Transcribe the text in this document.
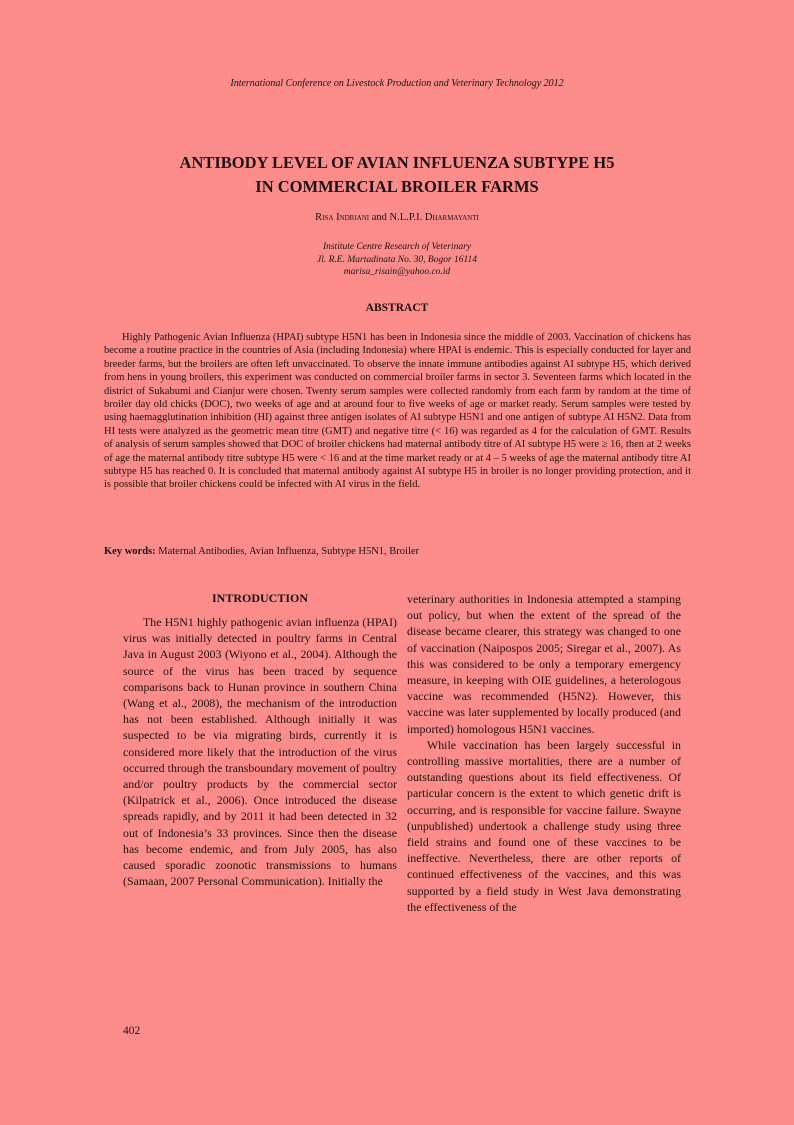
International Conference on Livestock Production and Veterinary Technology 2012
ANTIBODY LEVEL OF AVIAN INFLUENZA SUBTYPE H5
IN COMMERCIAL BROILER FARMS
Risa Indriani and N.L.P.I. Dharmayanti
Institute Centre Research of Veterinary
Jl. R.E. Martadinata No. 30, Bogor 16114
marisa_risain@yahoo.co.id
ABSTRACT

Highly Pathogenic Avian Influenza (HPAI) subtype H5N1 has been in Indonesia since the middle of 2003. Vaccination of chickens has become a routine practice in the countries of Asia (including Indonesia) where HPAI is endemic. This is especially conducted for layer and breeder farms, but the broilers are often left unvaccinated. To observe the innate immune antibodies against AI subtype H5, which derived from hens in young broilers, this experiment was conducted on commercial broiler farms in sector 3. Seventeen farms which located in the district of Sukabumi and Cianjur were chosen. Twenty serum samples were collected randomly from each farm by random at the time of broiler day old chicks (DOC), two weeks of age and at around four to five weeks of age or market ready. Serum samples were tested by using haemagglutination inhibition (HI) against three antigen isolates of AI subtype H5N1 and one antigen of subtype AI H5N2. Data from HI tests were analyzed as the geometric mean titre (GMT) and negative titre (< 16) was regarded as 4 for the calculation of GMT. Results of analysis of serum samples showed that DOC of broiler chickens had maternal antibody titre of AI subtype H5 were ≥ 16, then at 2 weeks of age the maternal antibody titre subtype H5 were < 16 and at the time market ready or at 4 – 5 weeks of age the maternal antibody titre AI subtype H5 has reached 0. It is concluded that maternal antibody against AI subtype H5 in broiler is no longer providing protection, and it is possible that broiler chickens could be infected with AI virus in the field.

Key words: Maternal Antibodies, Avian Influenza, Subtype H5N1, Broiler

INTRODUCTION

The H5N1 highly pathogenic avian influenza (HPAI) virus was initially detected in poultry farms in Central Java in August 2003 (Wiyono et al., 2004). Although the source of the virus has been traced by sequence comparisons back to Hunan province in southern China (Wang et al., 2008), the mechanism of the introduction has not been established. Although initially it was suspected to be via migrating birds, currently it is considered more likely that the introduction of the virus occurred through the transboundary movement of poultry and/or poultry products by the commercial sector (Kilpatrick et al., 2006). Once introduced the disease spreads rapidly, and by 2011 it had been detected in 32 out of Indonesia’s 33 provinces. Since then the disease has become endemic, and from July 2005, has also caused sporadic zoonotic transmissions to humans (Samaan, 2007 Personal Communication). Initially the

veterinary authorities in Indonesia attempted a stamping out policy, but when the extent of the spread of the disease became clearer, this strategy was changed to one of vaccination (Naipospos 2005; Siregar et al., 2007). As this was considered to be only a temporary emergency measure, in keeping with OIE guidelines, a heterologous vaccine was recommended (H5N2). However, this vaccine was later supplemented by locally produced (and imported) homologous H5N1 vaccines.

While vaccination has been largely successful in controlling massive mortalities, there are a number of outstanding questions about its field effectiveness. Of particular concern is the extent to which genetic drift is occurring, and is responsible for vaccine failure. Swayne (unpublished) undertook a challenge study using three field strains and found one of these vaccines to be ineffective. Nevertheless, there are other reports of continued effectiveness of the vaccines, and this was supported by a field study in West Java demonstrating the effectiveness of the

402
